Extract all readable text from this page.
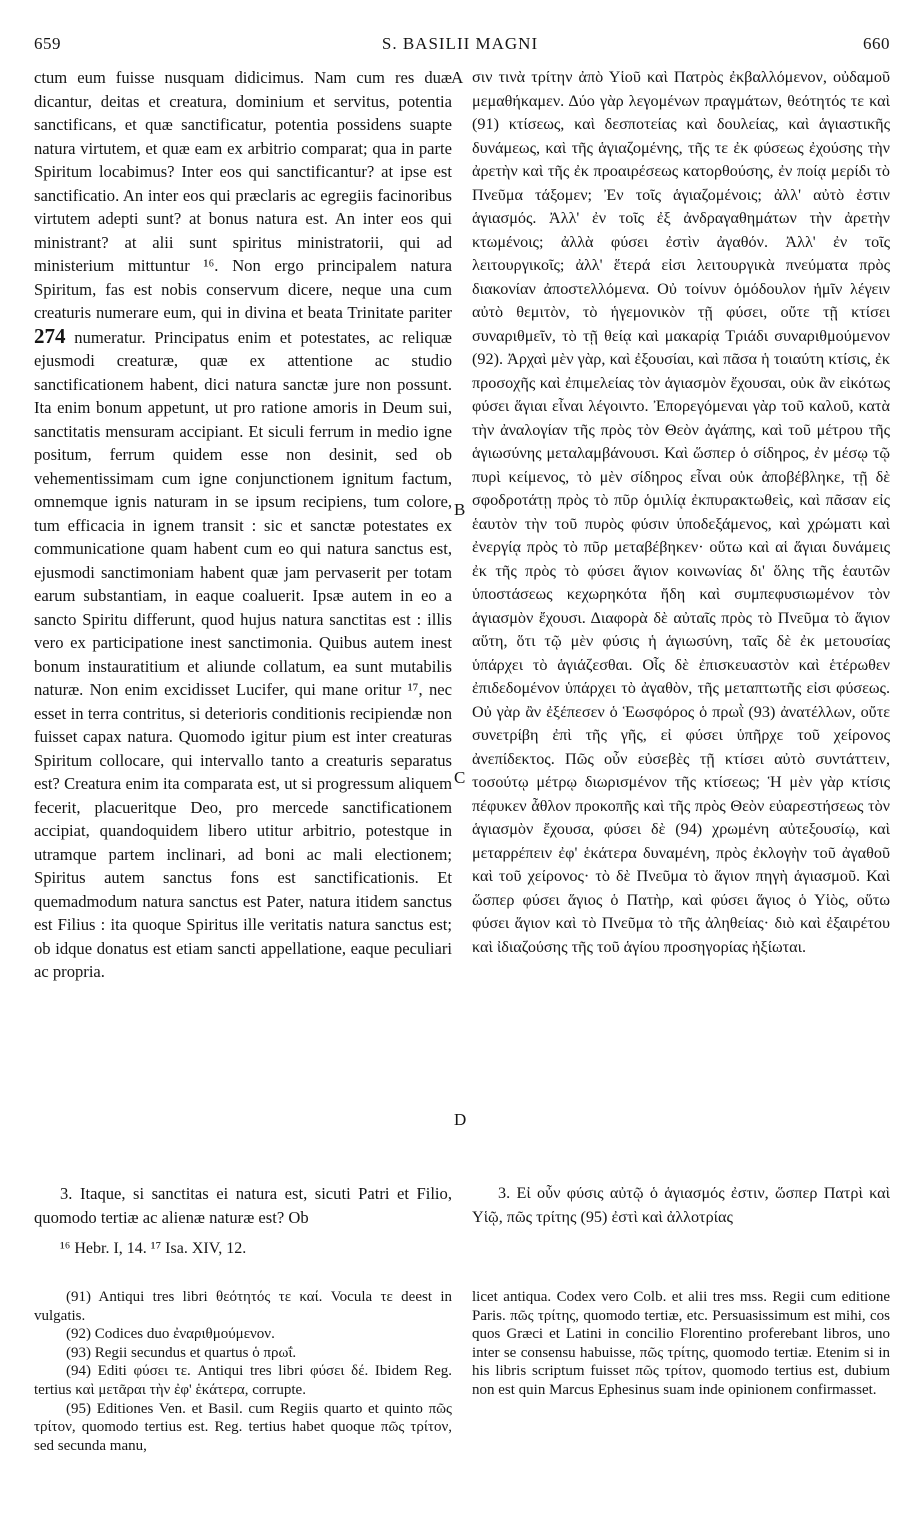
659	S. BASILII MAGNI	660

ctum eum fuisse nusquam didicimus. Nam cum res duæ dicantur, deitas et creatura, dominium et servitus, potentia sanctificans, et quæ sanctificatur, potentia possidens suapte natura virtutem, et quæ eam ex arbitrio comparat; qua in parte Spiritum locabimus? Inter eos qui sanctificantur? at ipse est sanctificatio. An inter eos qui præclaris ac egregiis facinoribus virtutem adepti sunt? at bonus natura est. An inter eos qui ministrant? at alii sunt spiritus ministratorii, qui ad ministerium mittuntur ¹⁶. Non ergo principalem natura Spiritum, fas est nobis conservum dicere, neque una cum creaturis numerare eum, qui in divina et beata Trinitate pariter 274 numeratur. Principatus enim et potestates, ac reliquæ ejusmodi creaturæ, quæ ex attentione ac studio sanctificationem habent, dici natura sanctæ jure non possunt. Ita enim bonum appetunt, ut pro ratione amoris in Deum sui, sanctitatis mensuram accipiant. Et siculi ferrum in medio igne positum, ferrum quidem esse non desinit, sed ob vehementissimam cum igne conjunctionem ignitum factum, omnemque ignis naturam in se ipsum recipiens, tum colore, tum efficacia in ignem transit : sic et sanctæ potestates ex communicatione quam habent cum eo qui natura sanctus est, ejusmodi sanctimoniam habent quæ jam pervaserit per totam earum substantiam, in eaque coaluerit. Ipsæ autem in eo a sancto Spiritu differunt, quod hujus natura sanctitas est : illis vero ex participatione inest sanctimonia. Quibus autem inest bonum instauratitium et aliunde collatum, ea sunt mutabilis naturæ. Non enim excidisset Lucifer, qui mane oritur ¹⁷, nec esset in terra contritus, si deterioris conditionis recipiendæ non fuisset capax natura. Quomodo igitur pium est inter creaturas Spiritum collocare, qui intervallo tanto a creaturis separatus est? Creatura enim ita comparata est, ut si progressum aliquem fecerit, placueritque Deo, pro mercede sanctificationem accipiat, quandoquidem libero utitur arbitrio, potestque in utramque partem inclinari, ad boni ac mali electionem; Spiritus autem sanctus fons est sanctificationis. Et quemadmodum natura sanctus est Pater, natura itidem sanctus est Filius : ita quoque Spiritus ille veritatis natura sanctus est; ob idque donatus est etiam sancti appellatione, eaque peculiari ac propria.

A
B
C
D

σιν τινὰ τρίτην ἀπὸ Υἱοῦ καὶ Πατρὸς ἐκβαλλόμενον, οὐδαμοῦ μεμαθήκαμεν. Δύο γὰρ λεγομένων πραγμάτων, θεότητός τε καὶ (91) κτίσεως, καὶ δεσποτείας καὶ δουλείας, καὶ ἁγιαστικῆς δυνάμεως, καὶ τῆς ἁγιαζομένης, τῆς τε ἐκ φύσεως ἐχούσης τὴν ἀρετὴν καὶ τῆς ἐκ προαιρέσεως κατορθούσης, ἐν ποίᾳ μερίδι τὸ Πνεῦμα τάξομεν; Ἐν τοῖς ἁγιαζομένοις; ἀλλ' αὐτὸ ἐστιν ἁγιασμός. Ἀλλ' ἐν τοῖς ἐξ ἀνδραγαθημάτων τὴν ἀρετὴν κτωμένοις; ἀλλὰ φύσει ἐστὶν ἀγαθόν. Ἀλλ' ἐν τοῖς λειτουργικοῖς; ἀλλ' ἕτερά εἰσι λειτουργικὰ πνεύματα πρὸς διακονίαν ἀποστελλόμενα. Οὐ τοίνυν ὁμόδουλον ἡμῖν λέγειν αὐτὸ θεμιτὸν, τὸ ἡγεμονικὸν τῇ φύσει, οὔτε τῇ κτίσει συναριθμεῖν, τὸ τῇ θείᾳ καὶ μακαρίᾳ Τριάδι συναριθμούμενον (92). Ἀρχαὶ μὲν γὰρ, καὶ ἐξουσίαι, καὶ πᾶσα ἡ τοιαύτη κτίσις, ἐκ προσοχῆς καὶ ἐπιμελείας τὸν ἁγιασμὸν ἔχουσαι, οὐκ ἂν εἰκότως φύσει ἅγιαι εἶναι λέγοιντο. Ἐπορεγόμεναι γὰρ τοῦ καλοῦ, κατὰ τὴν ἀναλογίαν τῆς πρὸς τὸν Θεὸν ἀγάπης, καὶ τοῦ μέτρου τῆς ἁγιωσύνης μεταλαμβάνουσι. Καὶ ὥσπερ ὁ σίδηρος, ἐν μέσῳ τῷ πυρὶ κείμενος, τὸ μὲν σίδηρος εἶναι οὐκ ἀποβέβληκε, τῇ δὲ σφοδροτάτῃ πρὸς τὸ πῦρ ὁμιλίᾳ ἐκπυρακτωθεὶς, καὶ πᾶσαν εἰς ἑαυτὸν τὴν τοῦ πυρὸς φύσιν ὑποδεξάμενος, καὶ χρώματι καὶ ἐνεργίᾳ πρὸς τὸ πῦρ μεταβέβηκεν· οὕτω καὶ αἱ ἅγιαι δυνάμεις ἐκ τῆς πρὸς τὸ φύσει ἅγιον κοινωνίας δι' ὅλης τῆς ἑαυτῶν ὑποστάσεως κεχωρηκότα ἤδη καὶ συμπεφυσιωμένον τὸν ἁγιασμὸν ἔχουσι. Διαφορὰ δὲ αὐταῖς πρὸς τὸ Πνεῦμα τὸ ἅγιον αὕτη, ὅτι τῷ μὲν φύσις ἡ ἁγιωσύνη, ταῖς δὲ ἐκ μετουσίας ὑπάρχει τὸ ἁγιάζεσθαι. Οἷς δὲ ἐπισκευαστὸν καὶ ἑτέρωθεν ἐπιδεδομένον ὑπάρχει τὸ ἀγαθὸν, τῆς μεταπτωτῆς εἰσι φύσεως. Οὐ γὰρ ἂν ἐξέπεσεν ὁ Ἑωσφόρος ὁ πρωῒ (93) ἀνατέλλων, οὔτε συνετρίβη ἐπὶ τῆς γῆς, εἰ φύσει ὑπῆρχε τοῦ χείρονος ἀνεπίδεκτος. Πῶς οὖν εὐσεβὲς τῇ κτίσει αὐτὸ συντάττειν, τοσούτῳ μέτρῳ διωρισμένον τῆς κτίσεως; Ἡ μὲν γὰρ κτίσις πέφυκεν ἆθλον προκοπῆς καὶ τῆς πρὸς Θεὸν εὐαρεστήσεως τὸν ἁγιασμὸν ἔχουσα, φύσει δὲ (94) χρωμένη αὐτεξουσίῳ, καὶ μεταρρέπειν ἐφ' ἑκάτερα δυναμένη, πρὸς ἐκλογὴν τοῦ ἀγαθοῦ καὶ τοῦ χείρονος· τὸ δὲ Πνεῦμα τὸ ἅγιον πηγὴ ἁγιασμοῦ. Καὶ ὥσπερ φύσει ἅγιος ὁ Πατὴρ, καὶ φύσει ἅγιος ὁ Υἱὸς, οὕτω φύσει ἅγιον καὶ τὸ Πνεῦμα τὸ τῆς ἀληθείας· διὸ καὶ ἐξαιρέτου καὶ ἰδιαζούσης τῆς τοῦ ἁγίου προσηγορίας ἠξίωται.

3. Itaque, si sanctitas ei natura est, sicuti Patri et Filio, quomodo tertiæ ac alienæ naturæ est? Ob
3. Εἰ οὖν φύσις αὐτῷ ὁ ἁγιασμός ἐστιν, ὥσπερ Πατρὶ καὶ Υἱῷ, πῶς τρίτης (95) ἐστὶ καὶ ἀλλοτρίας
¹⁶ Hebr. I, 14. ¹⁷ Isa. XIV, 12.

(91) Antiqui tres libri θεότητός τε καί. Vocula τε deest in vulgatis.

(92) Codices duo ἐναριθμούμενον.

(93) Regii secundus et quartus ὁ πρωΐ.

(94) Editi φύσει τε. Antiqui tres libri φύσει δέ. Ibidem Reg. tertius καὶ μετᾶραι τὴν ἐφ' ἑκάτερα, corrupte.

(95) Editiones Ven. et Basil. cum Regiis quarto et quinto πῶς τρίτον, quomodo tertius est. Reg. tertius habet quoque πῶς τρίτον, sed secunda manu,

licet antiqua. Codex vero Colb. et alii tres mss. Regii cum editione Paris. πῶς τρίτης, quomodo tertiæ, etc. Persuasissimum est mihi, cos quos Græci et Latini in concilio Florentino proferebant libros, uno inter se consensu habuisse, πῶς τρίτης, quomodo tertiæ. Etenim si in his libris scriptum fuisset πῶς τρίτον, quomodo tertius est, dubium non est quin Marcus Ephesinus suam inde opinionem confirmasset.
